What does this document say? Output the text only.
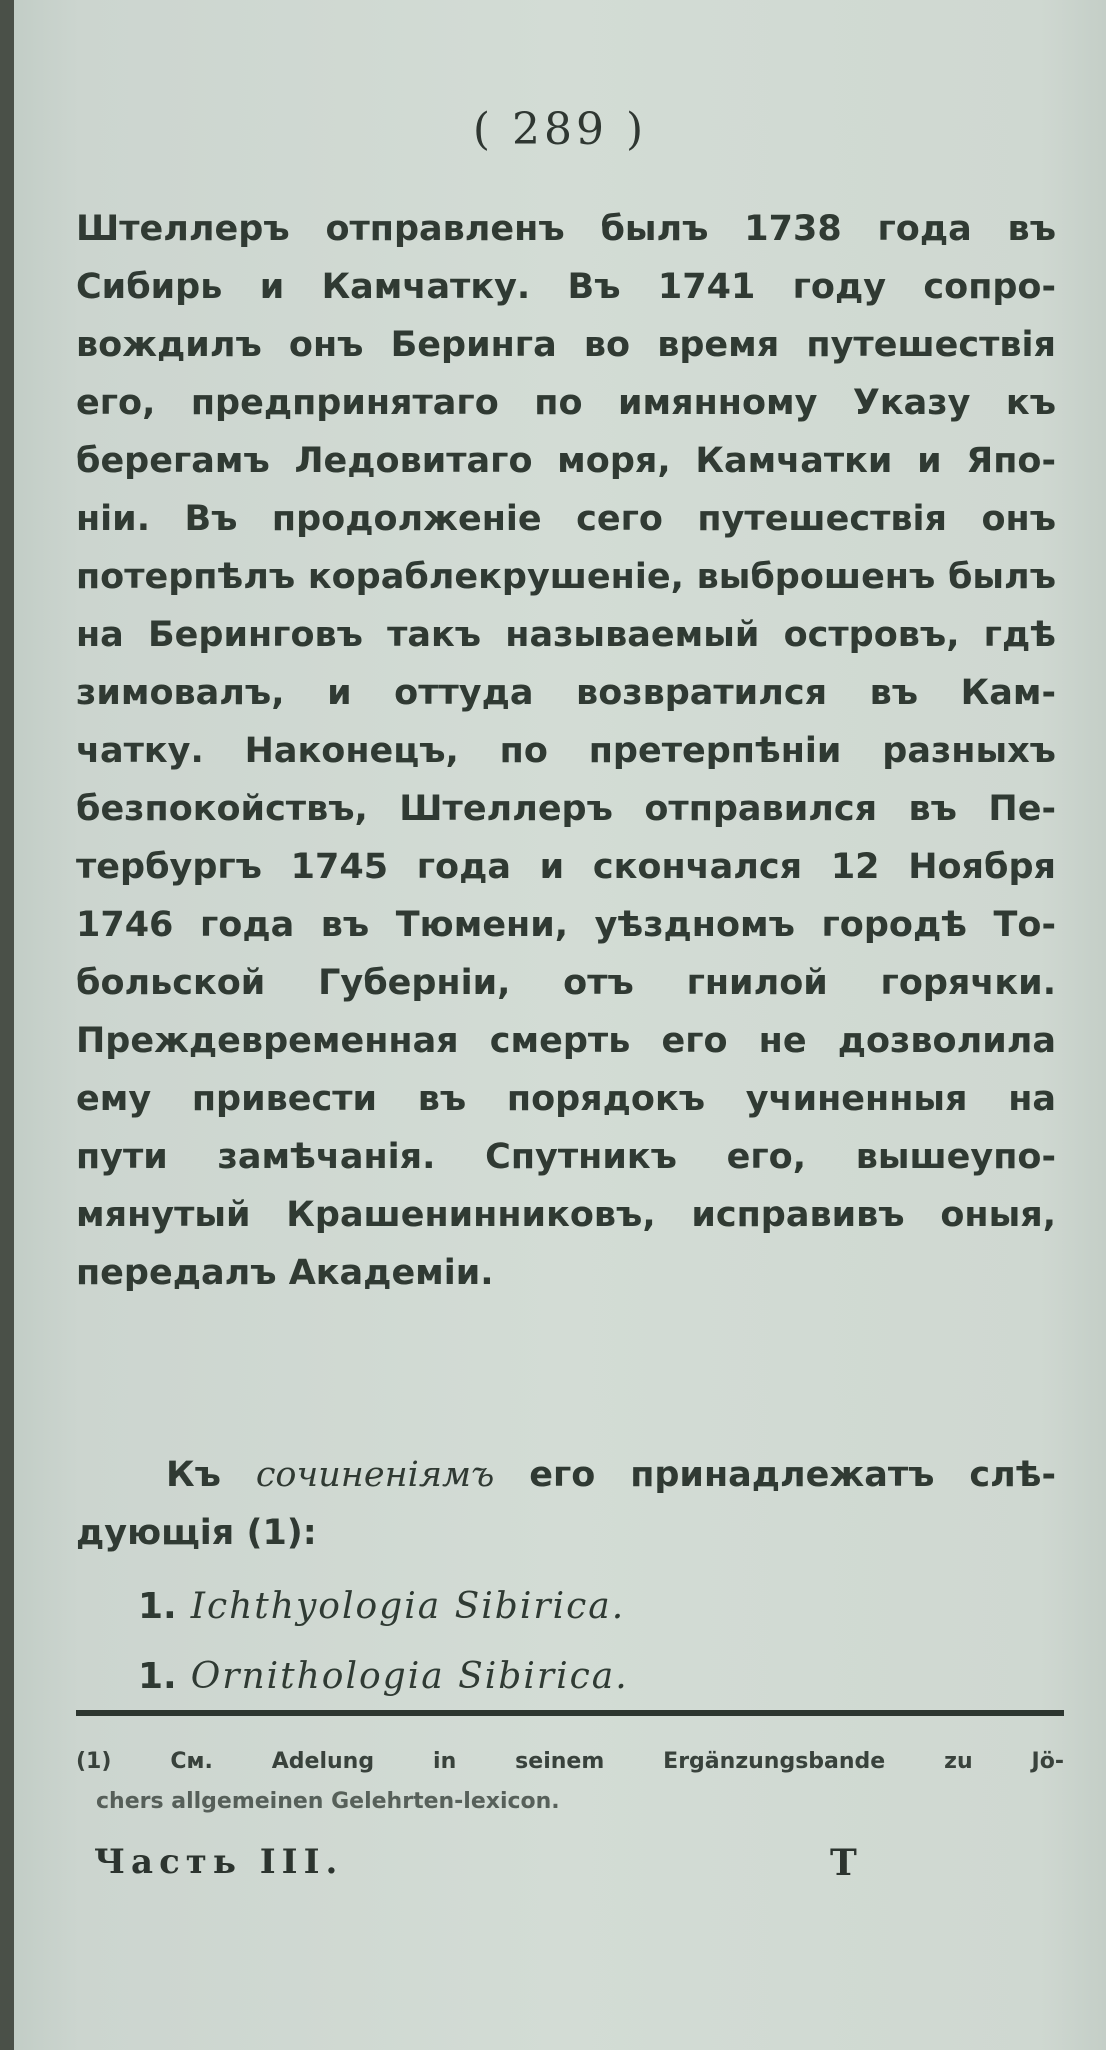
( 289 )
Штеллеръ отправленъ былъ 1738 года въ
Сибирь и Камчатку. Въ 1741 году сопро-
вождилъ онъ Беринга во время путешествія
его, предпринятаго по имянному Указу къ
берегамъ Ледовитаго моря, Камчатки и Япо-
ніи. Въ продолженіе сего путешествія онъ
потерпѣлъ кораблекрушеніе, выброшенъ былъ
на Беринговъ такъ называемый островъ, гдѣ
зимовалъ, и оттуда возвратился въ Кам-
чатку. Наконецъ, по претерпѣніи разныхъ
безпокойствъ, Штеллеръ отправился въ Пе-
тербургъ 1745 года и скончался 12 Ноября
1746 года въ Тюмени, уѣздномъ городѣ То-
больской Губерніи, отъ гнилой горячки.
Преждевременная смерть его не дозволила
ему привести въ порядокъ учиненныя на
пути замѣчанія. Спутникъ его, вышеупо-
мянутый Крашенинниковъ, исправивъ оныя,
передалъ Академіи.
Къ сочиненіямъ его принадлежатъ слѣ-
дующія (1):
1. Ichthyologia Sibirica.
1. Ornithologia Sibirica.
(1) См. Adelung in seinem Ergänzungsbande zu Jö-
chers allgemeinen Gelehrten-lexicon.
Часть III.	Т
